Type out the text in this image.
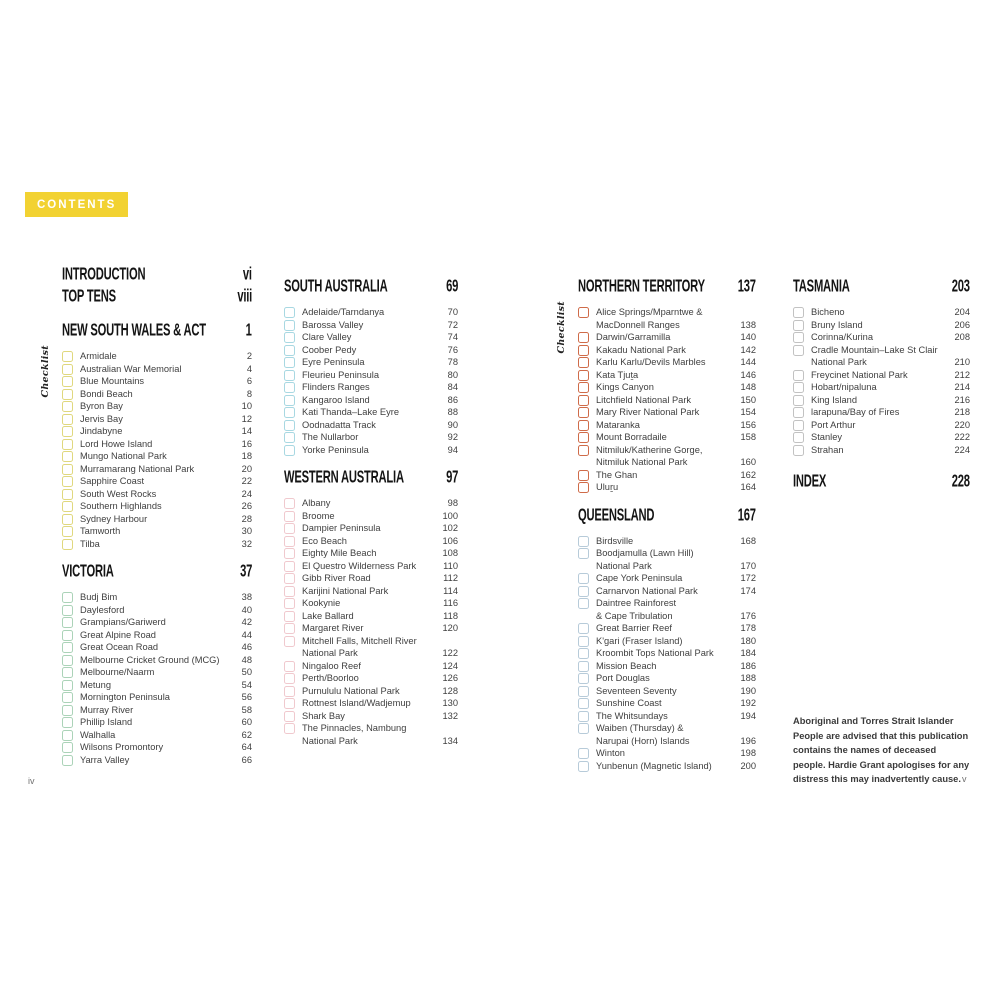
CONTENTS
INTRODUCTION	vi
TOP TENS	viii
NEW SOUTH WALES & ACT	1
Checklist	Armidale	2
Australian War Memorial	4
Blue Mountains	6
Bondi Beach	8
Byron Bay	10
Jervis Bay	12
Jindabyne	14
Lord Howe Island	16
Mungo National Park	18
Murramarang National Park	20
Sapphire Coast	22
South West Rocks	24
Southern Highlands	26
Sydney Harbour	28
Tamworth	30
Tilba	32
VICTORIA	37
Budj Bim	38
Daylesford	40
Grampians/Gariwerd	42
Great Alpine Road	44
Great Ocean Road	46
Melbourne Cricket Ground (MCG)	48
Melbourne/Naarm	50
Metung	54
Mornington Peninsula	56
Murray River	58
Phillip Island	60
Walhalla	62
Wilsons Promontory	64
Yarra Valley	66
SOUTH AUSTRALIA	69
Adelaide/Tarndanya	70
Barossa Valley	72
Clare Valley	74
Coober Pedy	76
Eyre Peninsula	78
Fleurieu Peninsula	80
Flinders Ranges	84
Kangaroo Island	86
Kati Thanda–Lake Eyre	88
Oodnadatta Track	90
The Nullarbor	92
Yorke Peninsula	94
WESTERN AUSTRALIA	97
Albany	98
Broome	100
Dampier Peninsula	102
Eco Beach	106
Eighty Mile Beach	108
El Questro Wilderness Park	110
Gibb River Road	112
Karijini National Park	114
Kookynie	116
Lake Ballard	118
Margaret River	120
Mitchell Falls, Mitchell River
National Park	122
Ningaloo Reef	124
Perth/Boorloo	126
Purnululu National Park	128
Rottnest Island/Wadjemup	130
Shark Bay	132
The Pinnacles, Nambung
National Park	134
NORTHERN TERRITORY 137
Checklist	Alice Springs/Mparntwe &
MacDonnell Ranges	138
Darwin/Garramilla	140
Kakadu National Park	142
Karlu Karlu/Devils Marbles	144
Kata Tjuṯa	146
Kings Canyon	148
Litchfield National Park	150
Mary River National Park	154
Mataranka	156
Mount Borradaile	158
Nitmiluk/Katherine Gorge,
Nitmiluk National Park	160
The Ghan	162
Uluṟu	164
QUEENSLAND	167
Birdsville	168
Boodjamulla (Lawn Hill)
National Park	170
Cape York Peninsula	172
Carnarvon National Park	174
Daintree Rainforest
& Cape Tribulation	176
Great Barrier Reef	178
K'gari (Fraser Island)	180
Kroombit Tops National Park	184
Mission Beach	186
Port Douglas	188
Seventeen Seventy	190
Sunshine Coast	192
The Whitsundays	194
Waiben (Thursday) &
Narupai (Horn) Islands	196
Winton	198
Yunbenun (Magnetic Island)	200
TASMANIA	203
Bicheno	204
Bruny Island	206
Corinna/Kurina	208
Cradle Mountain–Lake St Clair
National Park	210
Freycinet National Park	212
Hobart/nipaluna	214
King Island	216
larapuna/Bay of Fires	218
Port Arthur	220
Stanley	222
Strahan	224
INDEX	228

Aboriginal and Torres Strait Islander People are advised that this publication contains the names of deceased people. Hardie Grant apologises for any distress this may inadvertently cause.

iv	v
